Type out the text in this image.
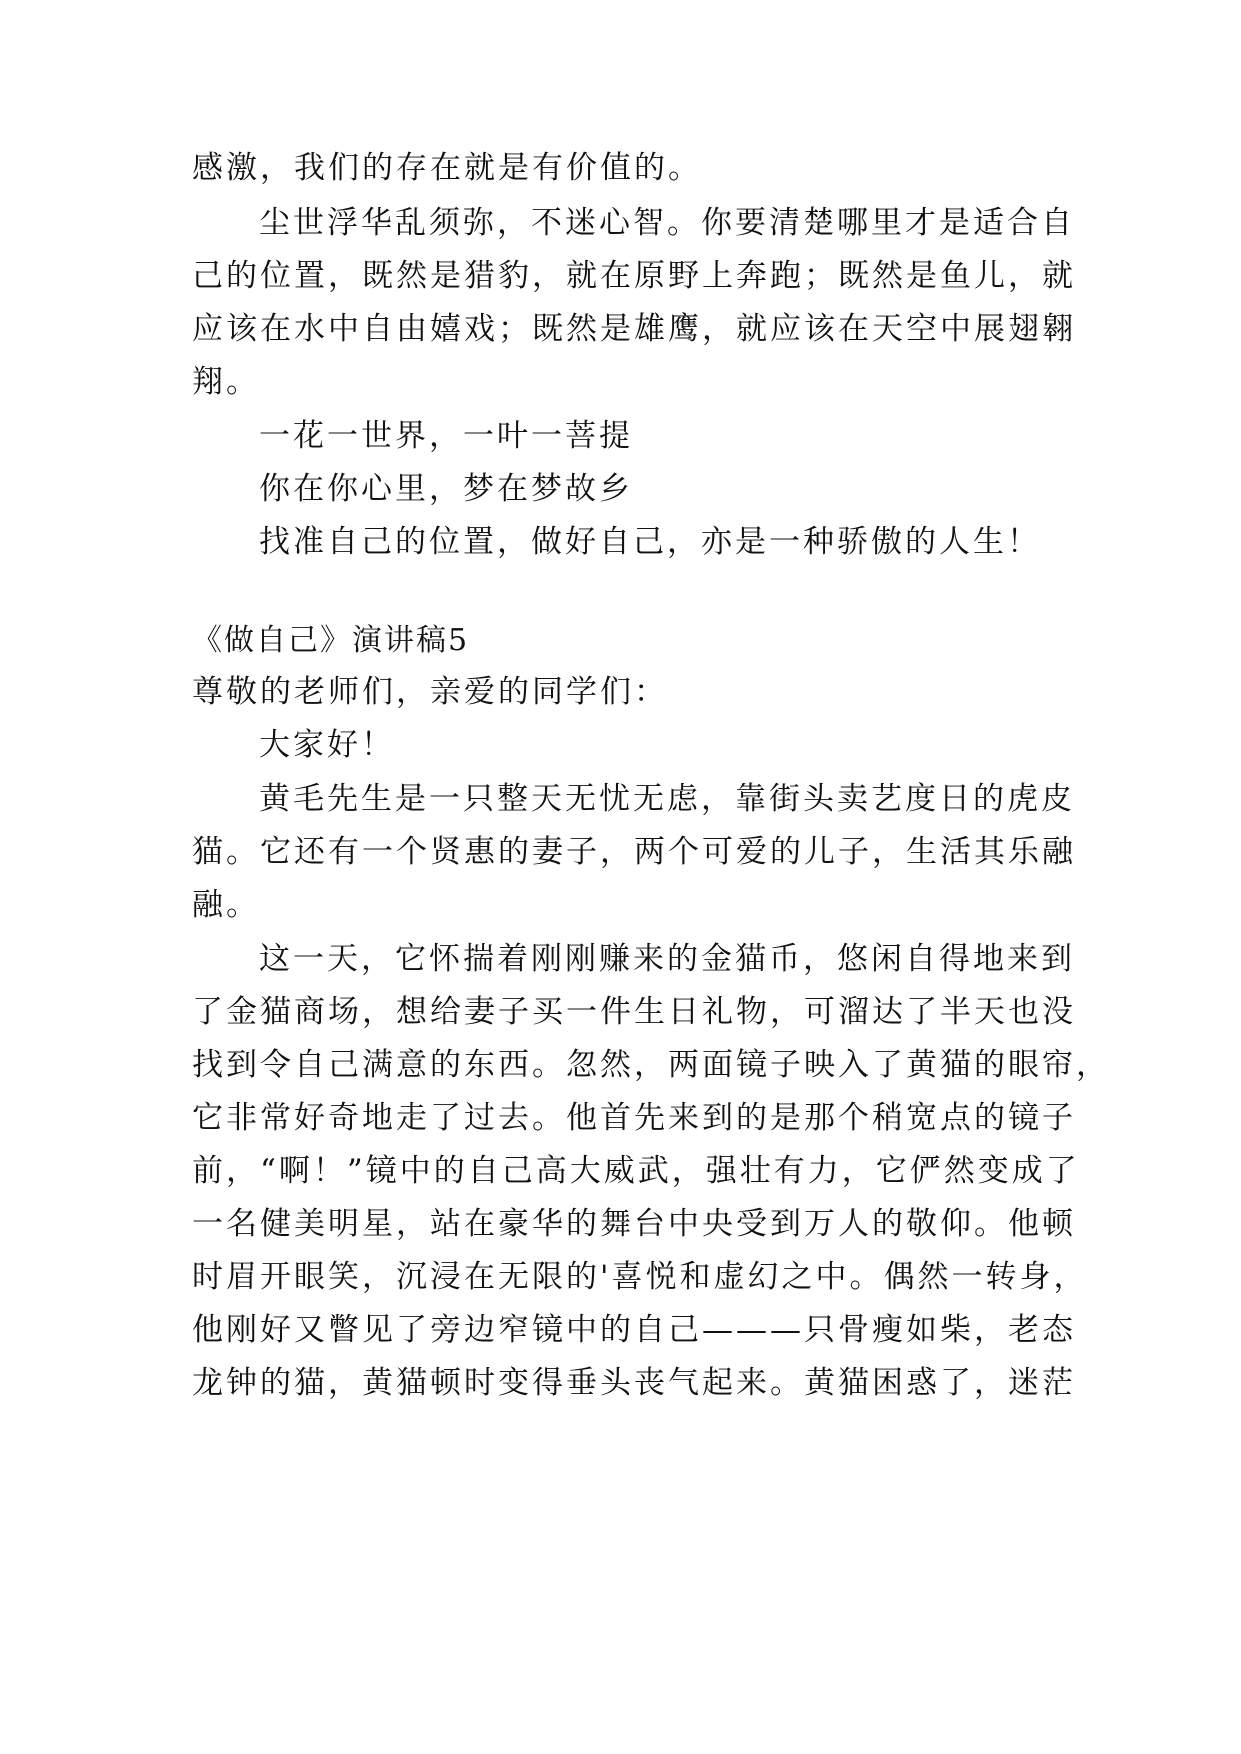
感激，我们的存在就是有价值的。
尘世浮华乱须弥，不迷心智。你要清楚哪里才是适合自
己的位置，既然是猎豹，就在原野上奔跑；既然是鱼儿，就
应该在水中自由嬉戏；既然是雄鹰，就应该在天空中展翅翱
翔。
一花一世界，一叶一菩提
你在你心里，梦在梦故乡
找准自己的位置，做好自己，亦是一种骄傲的人生！
《做自己》演讲稿5
尊敬的老师们，亲爱的同学们：
大家好！
黄毛先生是一只整天无忧无虑，靠街头卖艺度日的虎皮
猫。它还有一个贤惠的妻子，两个可爱的儿子，生活其乐融
融。
这一天，它怀揣着刚刚赚来的金猫币，悠闲自得地来到
了金猫商场，想给妻子买一件生日礼物，可溜达了半天也没
找到令自己满意的东西。忽然，两面镜子映入了黄猫的眼帘，
它非常好奇地走了过去。他首先来到的是那个稍宽点的镜子
前，“啊！”镜中的自己高大威武，强壮有力，它俨然变成了
一名健美明星，站在豪华的舞台中央受到万人的敬仰。他顿
时眉开眼笑，沉浸在无限的'喜悦和虚幻之中。偶然一转身，
他刚好又瞥见了旁边窄镜中的自己———只骨瘦如柴，老态
龙钟的猫，黄猫顿时变得垂头丧气起来。黄猫困惑了，迷茫
